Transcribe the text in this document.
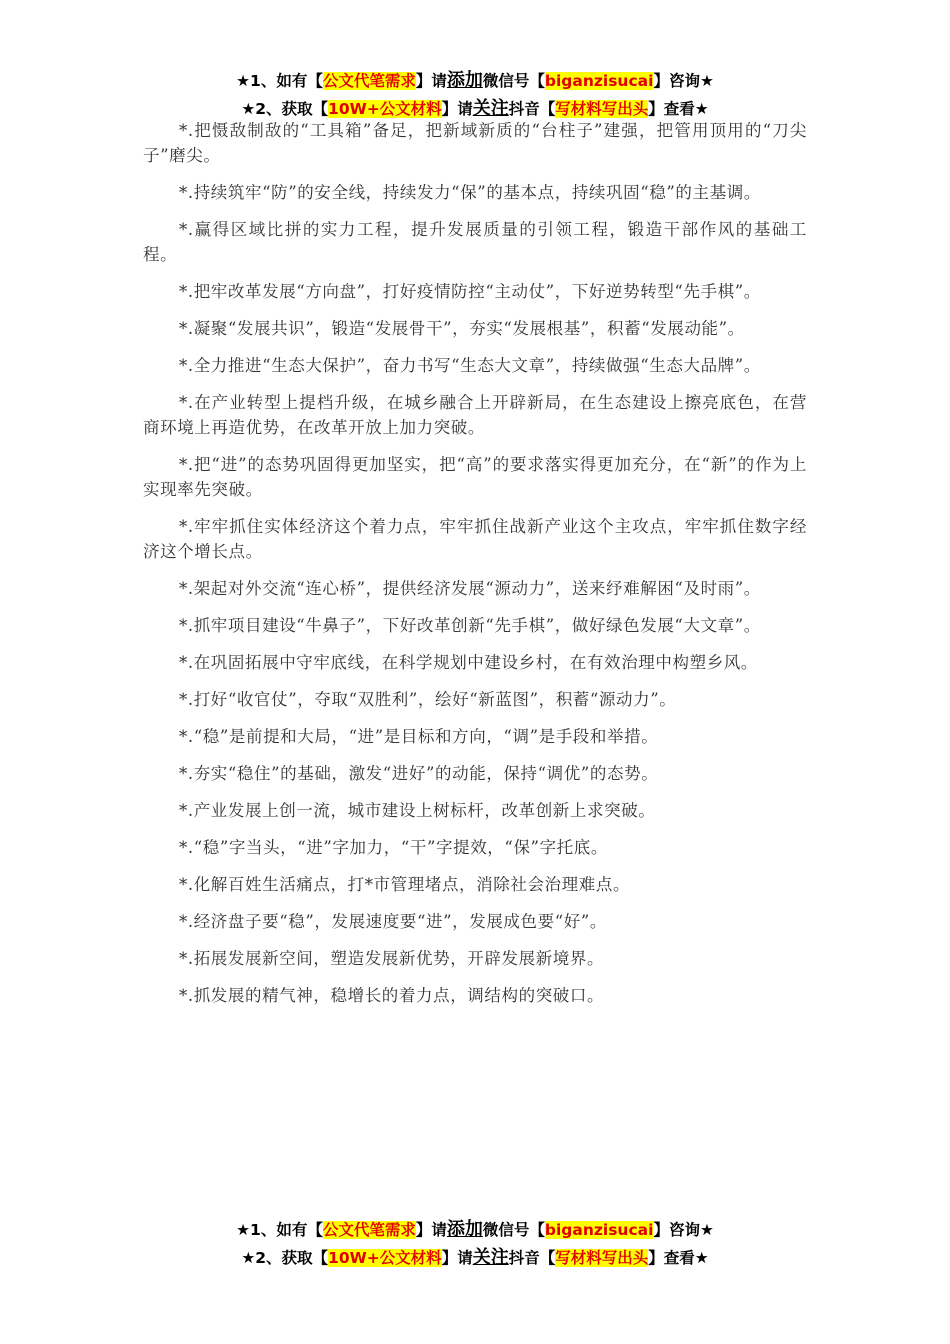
★1、如有【公文代笔需求】请添加微信号【biganzisucai】咨询★
★2、获取【10W+公文材料】请关注抖音【写材料写出头】查看★

*.把慑敌制敌的“工具箱”备足，把新域新质的“台柱子”建强，把管用顶用的“刀尖子”磨尖。

*.持续筑牢“防”的安全线，持续发力“保”的基本点，持续巩固“稳”的主基调。

*.赢得区域比拼的实力工程，提升发展质量的引领工程，锻造干部作风的基础工程。

*.把牢改革发展“方向盘”，打好疫情防控“主动仗”，下好逆势转型“先手棋”。

*.凝聚“发展共识”，锻造“发展骨干”，夯实“发展根基”，积蓄“发展动能”。

*.全力推进“生态大保护”，奋力书写“生态大文章”，持续做强“生态大品牌”。

*.在产业转型上提档升级，在城乡融合上开辟新局，在生态建设上擦亮底色，在营商环境上再造优势，在改革开放上加力突破。

*.把“进”的态势巩固得更加坚实，把“高”的要求落实得更加充分，在“新”的作为上实现率先突破。

*.牢牢抓住实体经济这个着力点，牢牢抓住战新产业这个主攻点，牢牢抓住数字经济这个增长点。

*.架起对外交流“连心桥”，提供经济发展“源动力”，送来纾难解困“及时雨”。

*.抓牢项目建设“牛鼻子”，下好改革创新“先手棋”，做好绿色发展“大文章”。

*.在巩固拓展中守牢底线，在科学规划中建设乡村，在有效治理中构塑乡风。

*.打好“收官仗”，夺取“双胜利”，绘好“新蓝图”，积蓄“源动力”。

*.“稳”是前提和大局，“进”是目标和方向，“调”是手段和举措。

*.夯实“稳住”的基础，激发“进好”的动能，保持“调优”的态势。

*.产业发展上创一流，城市建设上树标杆，改革创新上求突破。

*.“稳”字当头，“进”字加力，“干”字提效，“保”字托底。

*.化解百姓生活痛点，打*市管理堵点，消除社会治理难点。

*.经济盘子要“稳”，发展速度要“进”，发展成色要“好”。

*.拓展发展新空间，塑造发展新优势，开辟发展新境界。

*.抓发展的精气神，稳增长的着力点，调结构的突破口。

★1、如有【公文代笔需求】请添加微信号【biganzisucai】咨询★
★2、获取【10W+公文材料】请关注抖音【写材料写出头】查看★
